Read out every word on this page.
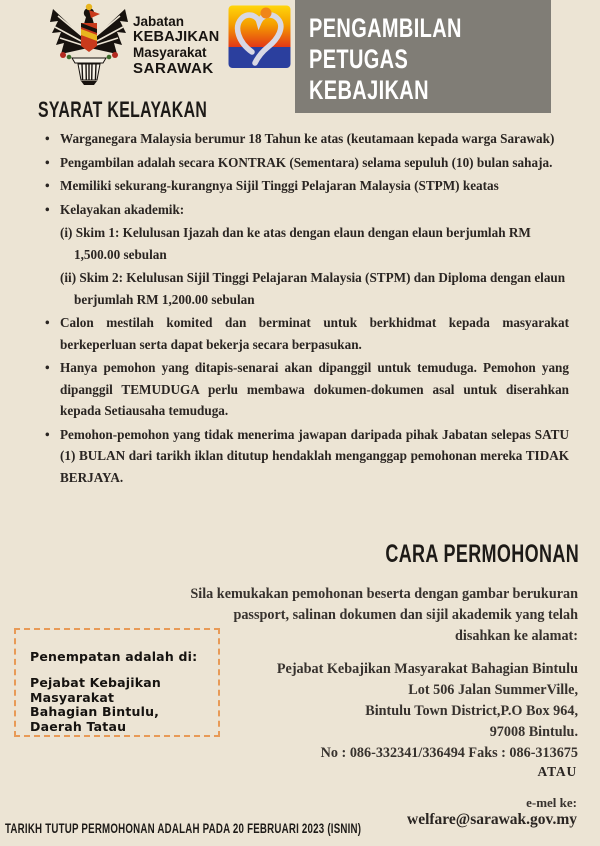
Jabatan
KEBAJIKAN
Masyarakat
SARAWAK
PENGAMBILAN
PETUGAS
KEBAJIKAN
SYARAT KELAYAKAN
• Warganegara Malaysia berumur 18 Tahun ke atas (keutamaan kepada warga Sarawak)
• Pengambilan adalah secara KONTRAK (Sementara) selama sepuluh (10) bulan sahaja.
• Memiliki sekurang-kurangnya Sijil Tinggi Pelajaran Malaysia (STPM) keatas
• Kelayakan akademik:
(i) Skim 1: Kelulusan Ijazah dan ke atas dengan elaun dengan elaun berjumlah RM 1,500.00 sebulan
(ii) Skim 2: Kelulusan Sijil Tinggi Pelajaran Malaysia (STPM) dan Diploma dengan elaun berjumlah RM 1,200.00 sebulan
• Calon mestilah komited dan berminat untuk berkhidmat kepada masyarakat berkeperluan serta dapat bekerja secara berpasukan.
• Hanya pemohon yang ditapis-senarai akan dipanggil untuk temuduga. Pemohon yang dipanggil TEMUDUGA perlu membawa dokumen-dokumen asal untuk diserahkan kepada Setiausaha temuduga.
• Pemohon-pemohon yang tidak menerima jawapan daripada pihak Jabatan selepas SATU (1) BULAN dari tarikh iklan ditutup hendaklah menganggap pemohonan mereka TIDAK BERJAYA.
CARA PERMOHONAN
Sila kemukakan pemohonan beserta dengan gambar berukuran passport, salinan dokumen dan sijil akademik yang telah disahkan ke alamat:
Pejabat Kebajikan Masyarakat Bahagian Bintulu
Lot 506 Jalan SummerVille,
Bintulu Town District,P.O Box 964,
97008 Bintulu.
No : 086-332341/336494 Faks : 086-313675
ATAU
e-mel ke:
welfare@sarawak.gov.my
Penempatan adalah di:
Pejabat Kebajikan Masyarakat
Bahagian Bintulu, Daerah Tatau
TARIKH TUTUP PERMOHONAN ADALAH PADA 20 FEBRUARI 2023 (ISNIN)
